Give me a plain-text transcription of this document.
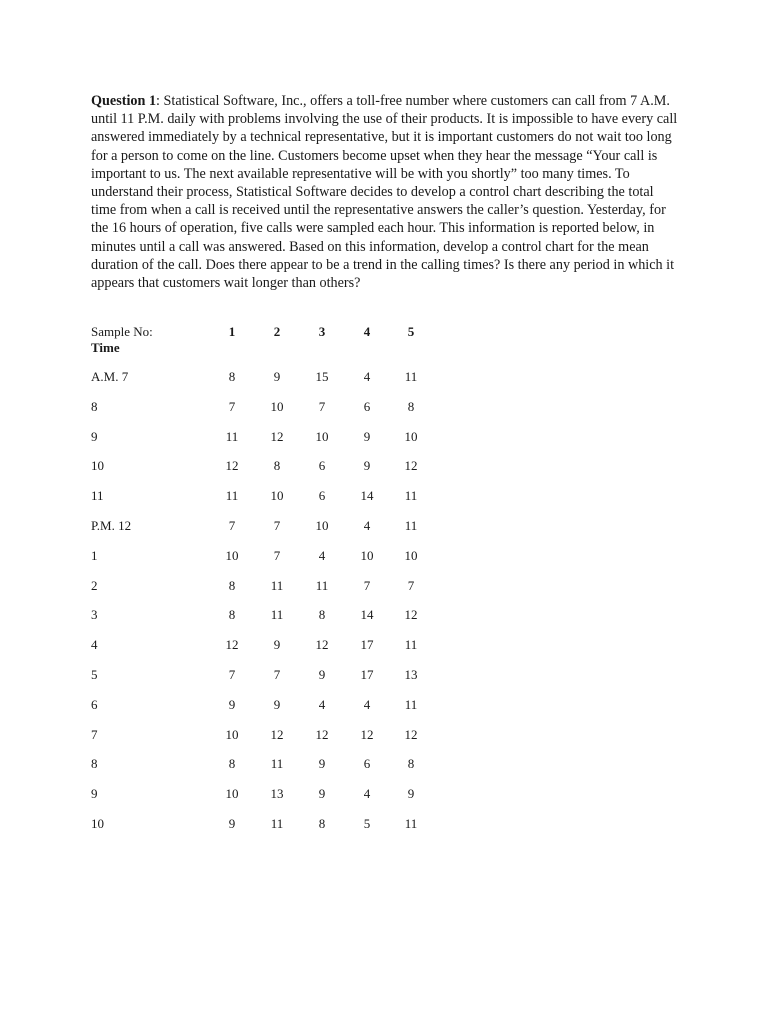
Question 1: Statistical Software, Inc., offers a toll-free number where customers can call from 7 A.M. until 11 P.M. daily with problems involving the use of their products. It is impossible to have every call answered immediately by a technical representative, but it is important customers do not wait too long for a person to come on the line. Customers become upset when they hear the message “Your call is important to us. The next available representative will be with you shortly” too many times. To understand their process, Statistical Software decides to develop a control chart describing the total time from when a call is received until the representative answers the caller’s question. Yesterday, for the 16 hours of operation, five calls were sampled each hour. This information is reported below, in minutes until a call was answered. Based on this information, develop a control chart for the mean duration of the call. Does there appear to be a trend in the calling times? Is there any period in which it appears that customers wait longer than others?

Sample No:	1	2	3	4	5
Time
A.M. 7	8	9	15	4	11
8	7	10	7	6	8
9	11	12	10	9	10
10	12	8	6	9	12
11	11	10	6	14	11
P.M. 12	7	7	10	4	11
1	10	7	4	10	10
2	8	11	11	7	7
3	8	11	8	14	12
4	12	9	12	17	11
5	7	7	9	17	13
6	9	9	4	4	11
7	10	12	12	12	12
8	8	11	9	6	8
9	10	13	9	4	9
10	9	11	8	5	11
